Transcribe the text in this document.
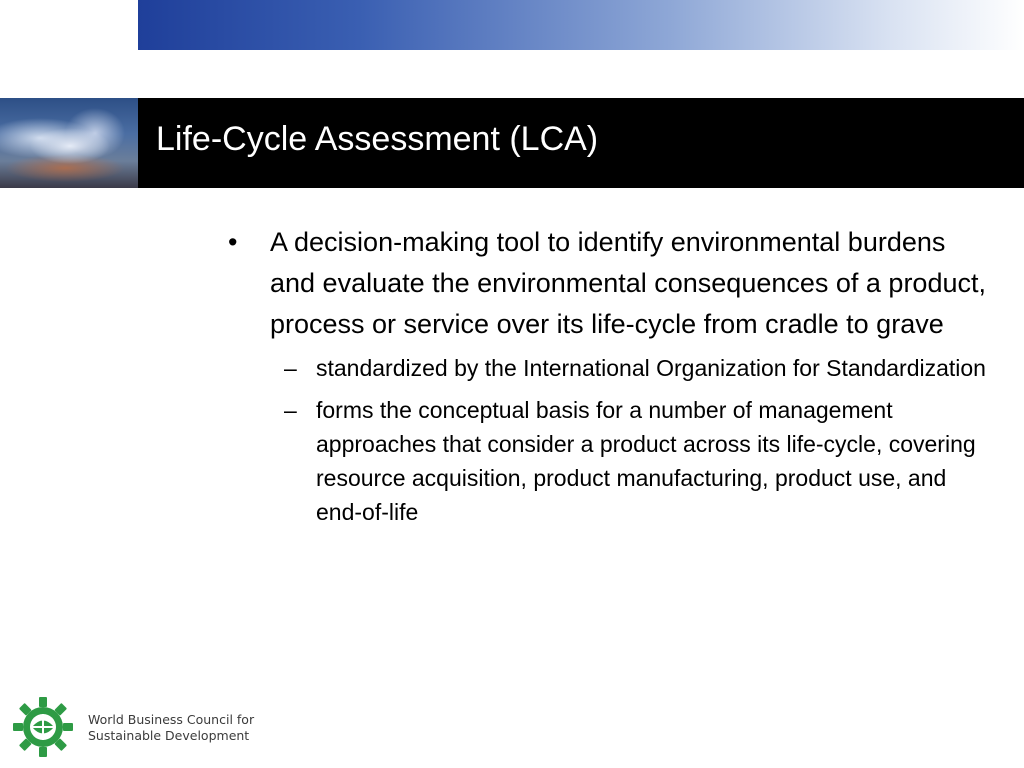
Life-Cycle Assessment (LCA)
•	A decision-making tool to identify environmental burdens and evaluate the environmental consequences of a product, process or service over its life-cycle from cradle to grave
– standardized by the International Organization for Standardization
– forms the conceptual basis for a number of management approaches that consider a product across its life-cycle, covering resource acquisition, product manufacturing, product use, and end-of-life
World Business Council for
Sustainable Development
